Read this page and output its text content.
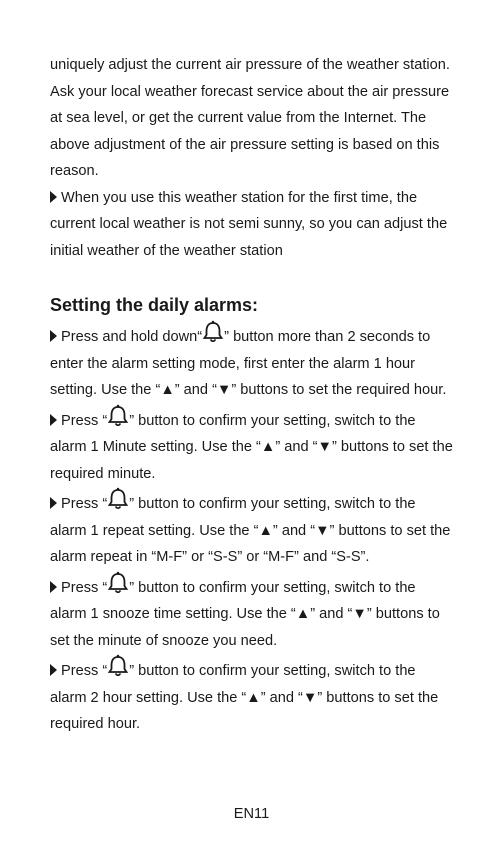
uniquely adjust the current air pressure of the weather station. Ask your local weather forecast service about the air pressure at sea level, or get the current value from the Internet. The above adjustment of the air pressure setting is based on this reason.

When you use this weather station for the first time, the current local weather is not semi sunny, so you can adjust the initial weather of the weather station

Setting the daily alarms:

Press and hold down“ ” button more than 2 seconds to enter the alarm setting mode, first enter the alarm 1 hour setting. Use the “▲” and “▼” buttons to set the required hour.

Press “ ” button to confirm your setting, switch to the alarm 1 Minute setting. Use the “▲” and “▼” buttons to set the required minute.

Press “ ” button to confirm your setting, switch to the alarm 1 repeat setting. Use the “▲” and “▼” buttons to set the alarm repeat in “M-F” or “S-S” or “M-F” and “S-S”.

Press “ ” button to confirm your setting, switch to the alarm 1 snooze time setting. Use the “▲” and “▼” buttons to set the minute of snooze you need.

Press “ ” button to confirm your setting, switch to the alarm 2 hour setting. Use the “▲” and “▼” buttons to set the required hour.

EN11
